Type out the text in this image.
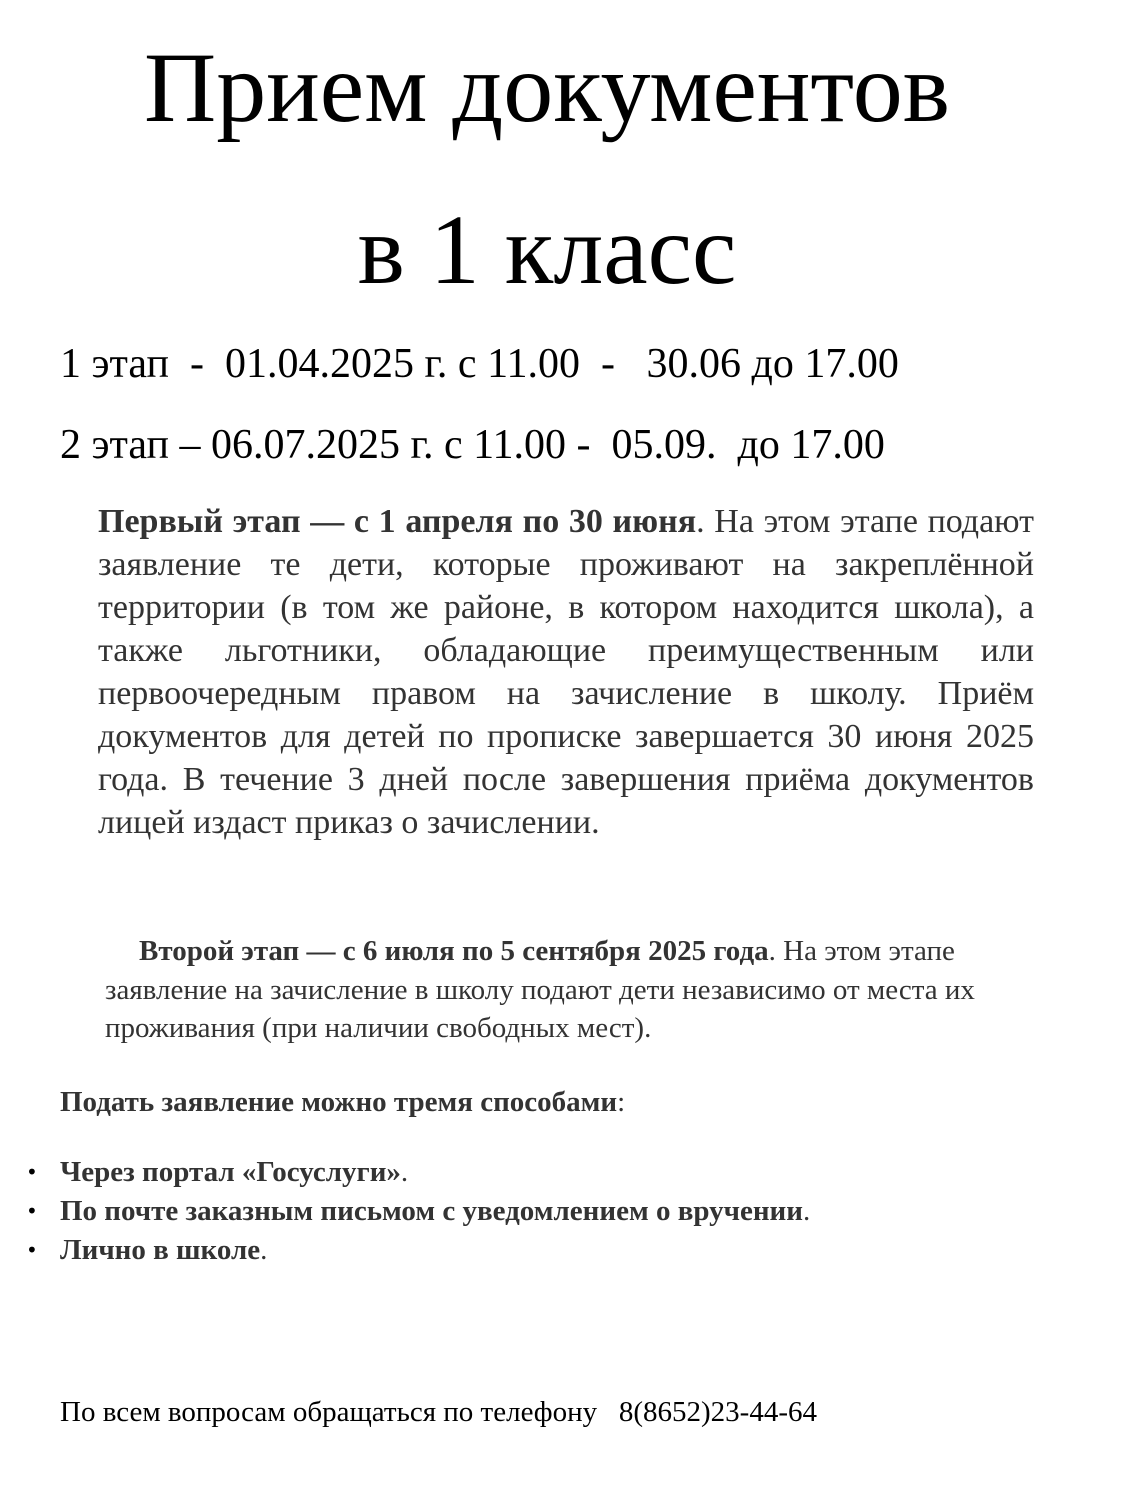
Прием документов
в 1 класс

1 этап  -  01.04.2025 г. с 11.00  -   30.06 до 17.00

2 этап – 06.07.2025 г. с 11.00 -  05.09.  до 17.00

Первый этап — с 1 апреля по 30 июня. На этом этапе подают заявление те дети, которые проживают на закреплённой территории (в том же районе, в котором находится школа), а также льготники, обладающие преимущественным или первоочередным правом на зачисление в школу. Приём документов для детей по прописке завершается 30 июня 2025 года. В течение 3 дней после завершения приёма документов лицей издаст приказ о зачислении.

Второй этап — с 6 июля по 5 сентября 2025 года. На этом этапе заявление на зачисление в школу подают дети независимо от места их проживания (при наличии свободных мест).

Подать заявление можно тремя способами:

• Через портал «Госуслуги».
• По почте заказным письмом с уведомлением о вручении.
• Лично в школе.

По всем вопросам обращаться по телефону   8(8652)23-44-64
